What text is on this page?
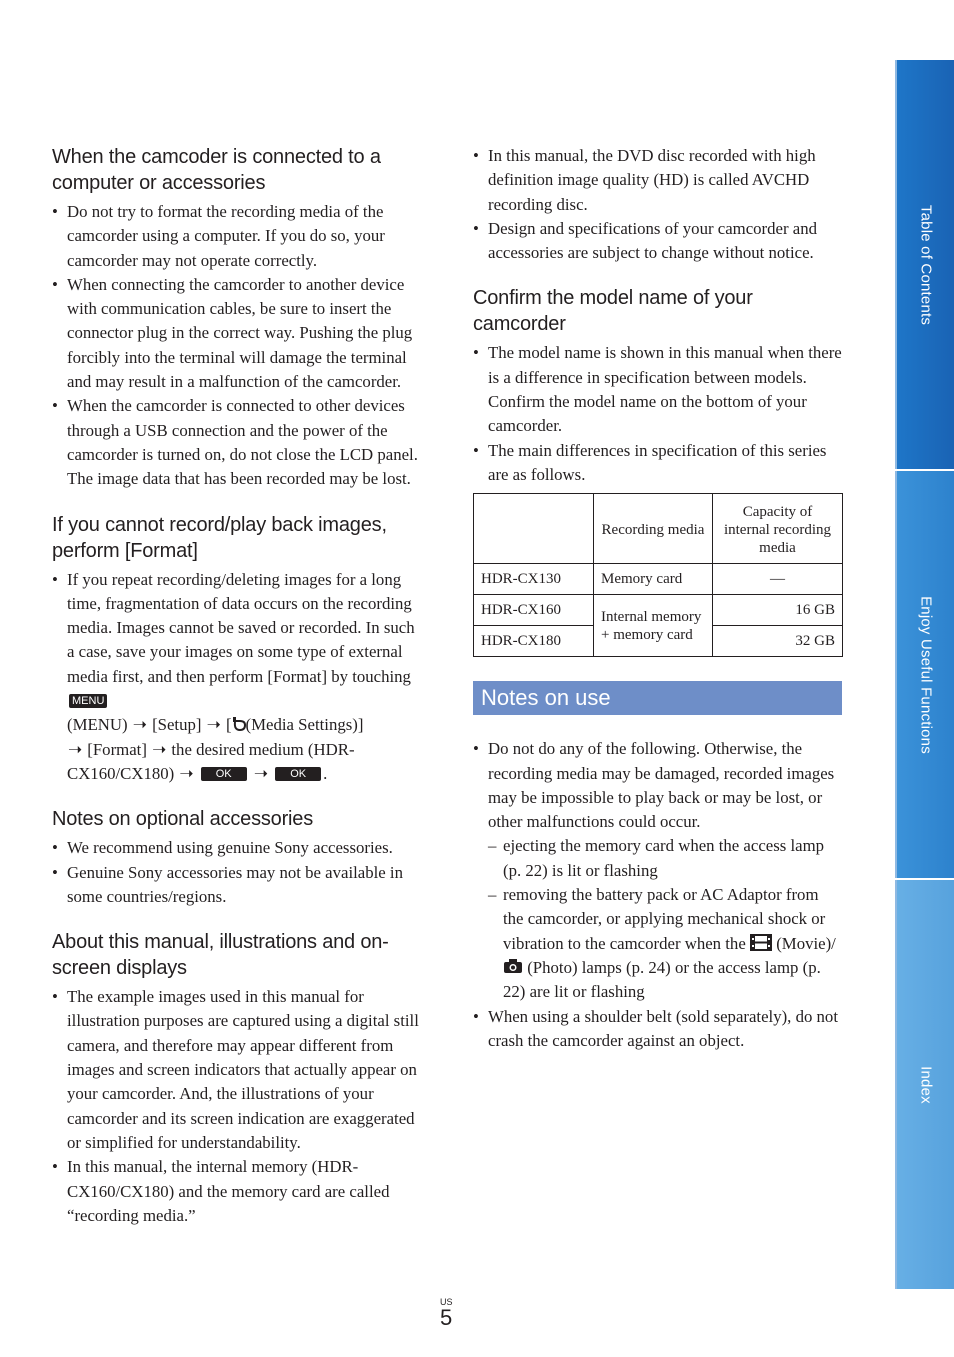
When the camcoder is connected to a computer or accessories
• Do not try to format the recording media of the camcorder using a computer. If you do so, your camcorder may not operate correctly.
• When connecting the camcorder to another device with communication cables, be sure to insert the connector plug in the correct way. Pushing the plug forcibly into the terminal will damage the terminal and may result in a malfunction of the camcorder.
• When the camcorder is connected to other devices through a USB connection and the power of the camcorder is turned on, do not close the LCD panel. The image data that has been recorded may be lost.
If you cannot record/play back images, perform [Format]
• If you repeat recording/deleting images for a long time, fragmentation of data occurs on the recording media. Images cannot be saved or recorded. In such a case, save your images on some type of external media first, and then perform [Format] by touching MENU
(MENU) ➝ [Setup] ➝ [ (Media Settings)]
➝ [Format] ➝ the desired medium (HDR-CX160/CX180) ➝ OK ➝ OK .
Notes on optional accessories
• We recommend using genuine Sony accessories.
• Genuine Sony accessories may not be available in some countries/regions.
About this manual, illustrations and on-screen displays
• The example images used in this manual for illustration purposes are captured using a digital still camera, and therefore may appear different from images and screen indicators that actually appear on your camcorder. And, the illustrations of your camcorder and its screen indication are exaggerated or simplified for understandability.
• In this manual, the internal memory (HDR-CX160/CX180) and the memory card are called “recording media.”
• In this manual, the DVD disc recorded with high definition image quality (HD) is called AVCHD recording disc.
• Design and specifications of your camcorder and accessories are subject to change without notice.
Confirm the model name of your camcorder
• The model name is shown in this manual when there is a difference in specification between models. Confirm the model name on the bottom of your camcorder.
• The main differences in specification of this series are as follows.
	Recording media	Capacity of internal recording media
HDR-CX130	Memory card	—
HDR-CX160	Internal memory + memory card	16 GB
HDR-CX180		32 GB
Notes on use
• Do not do any of the following. Otherwise, the recording media may be damaged, recorded images may be impossible to play back or may be lost, or other malfunctions could occur.
– ejecting the memory card when the access lamp (p. 22) is lit or flashing
– removing the battery pack or AC Adaptor from the camcorder, or applying mechanical shock or vibration to the camcorder when the (Movie)/ (Photo) lamps (p. 24) or the access lamp (p. 22) are lit or flashing
• When using a shoulder belt (sold separately), do not crash the camcorder against an object.
Table of Contents
Enjoy Useful Functions
Index
US
5
